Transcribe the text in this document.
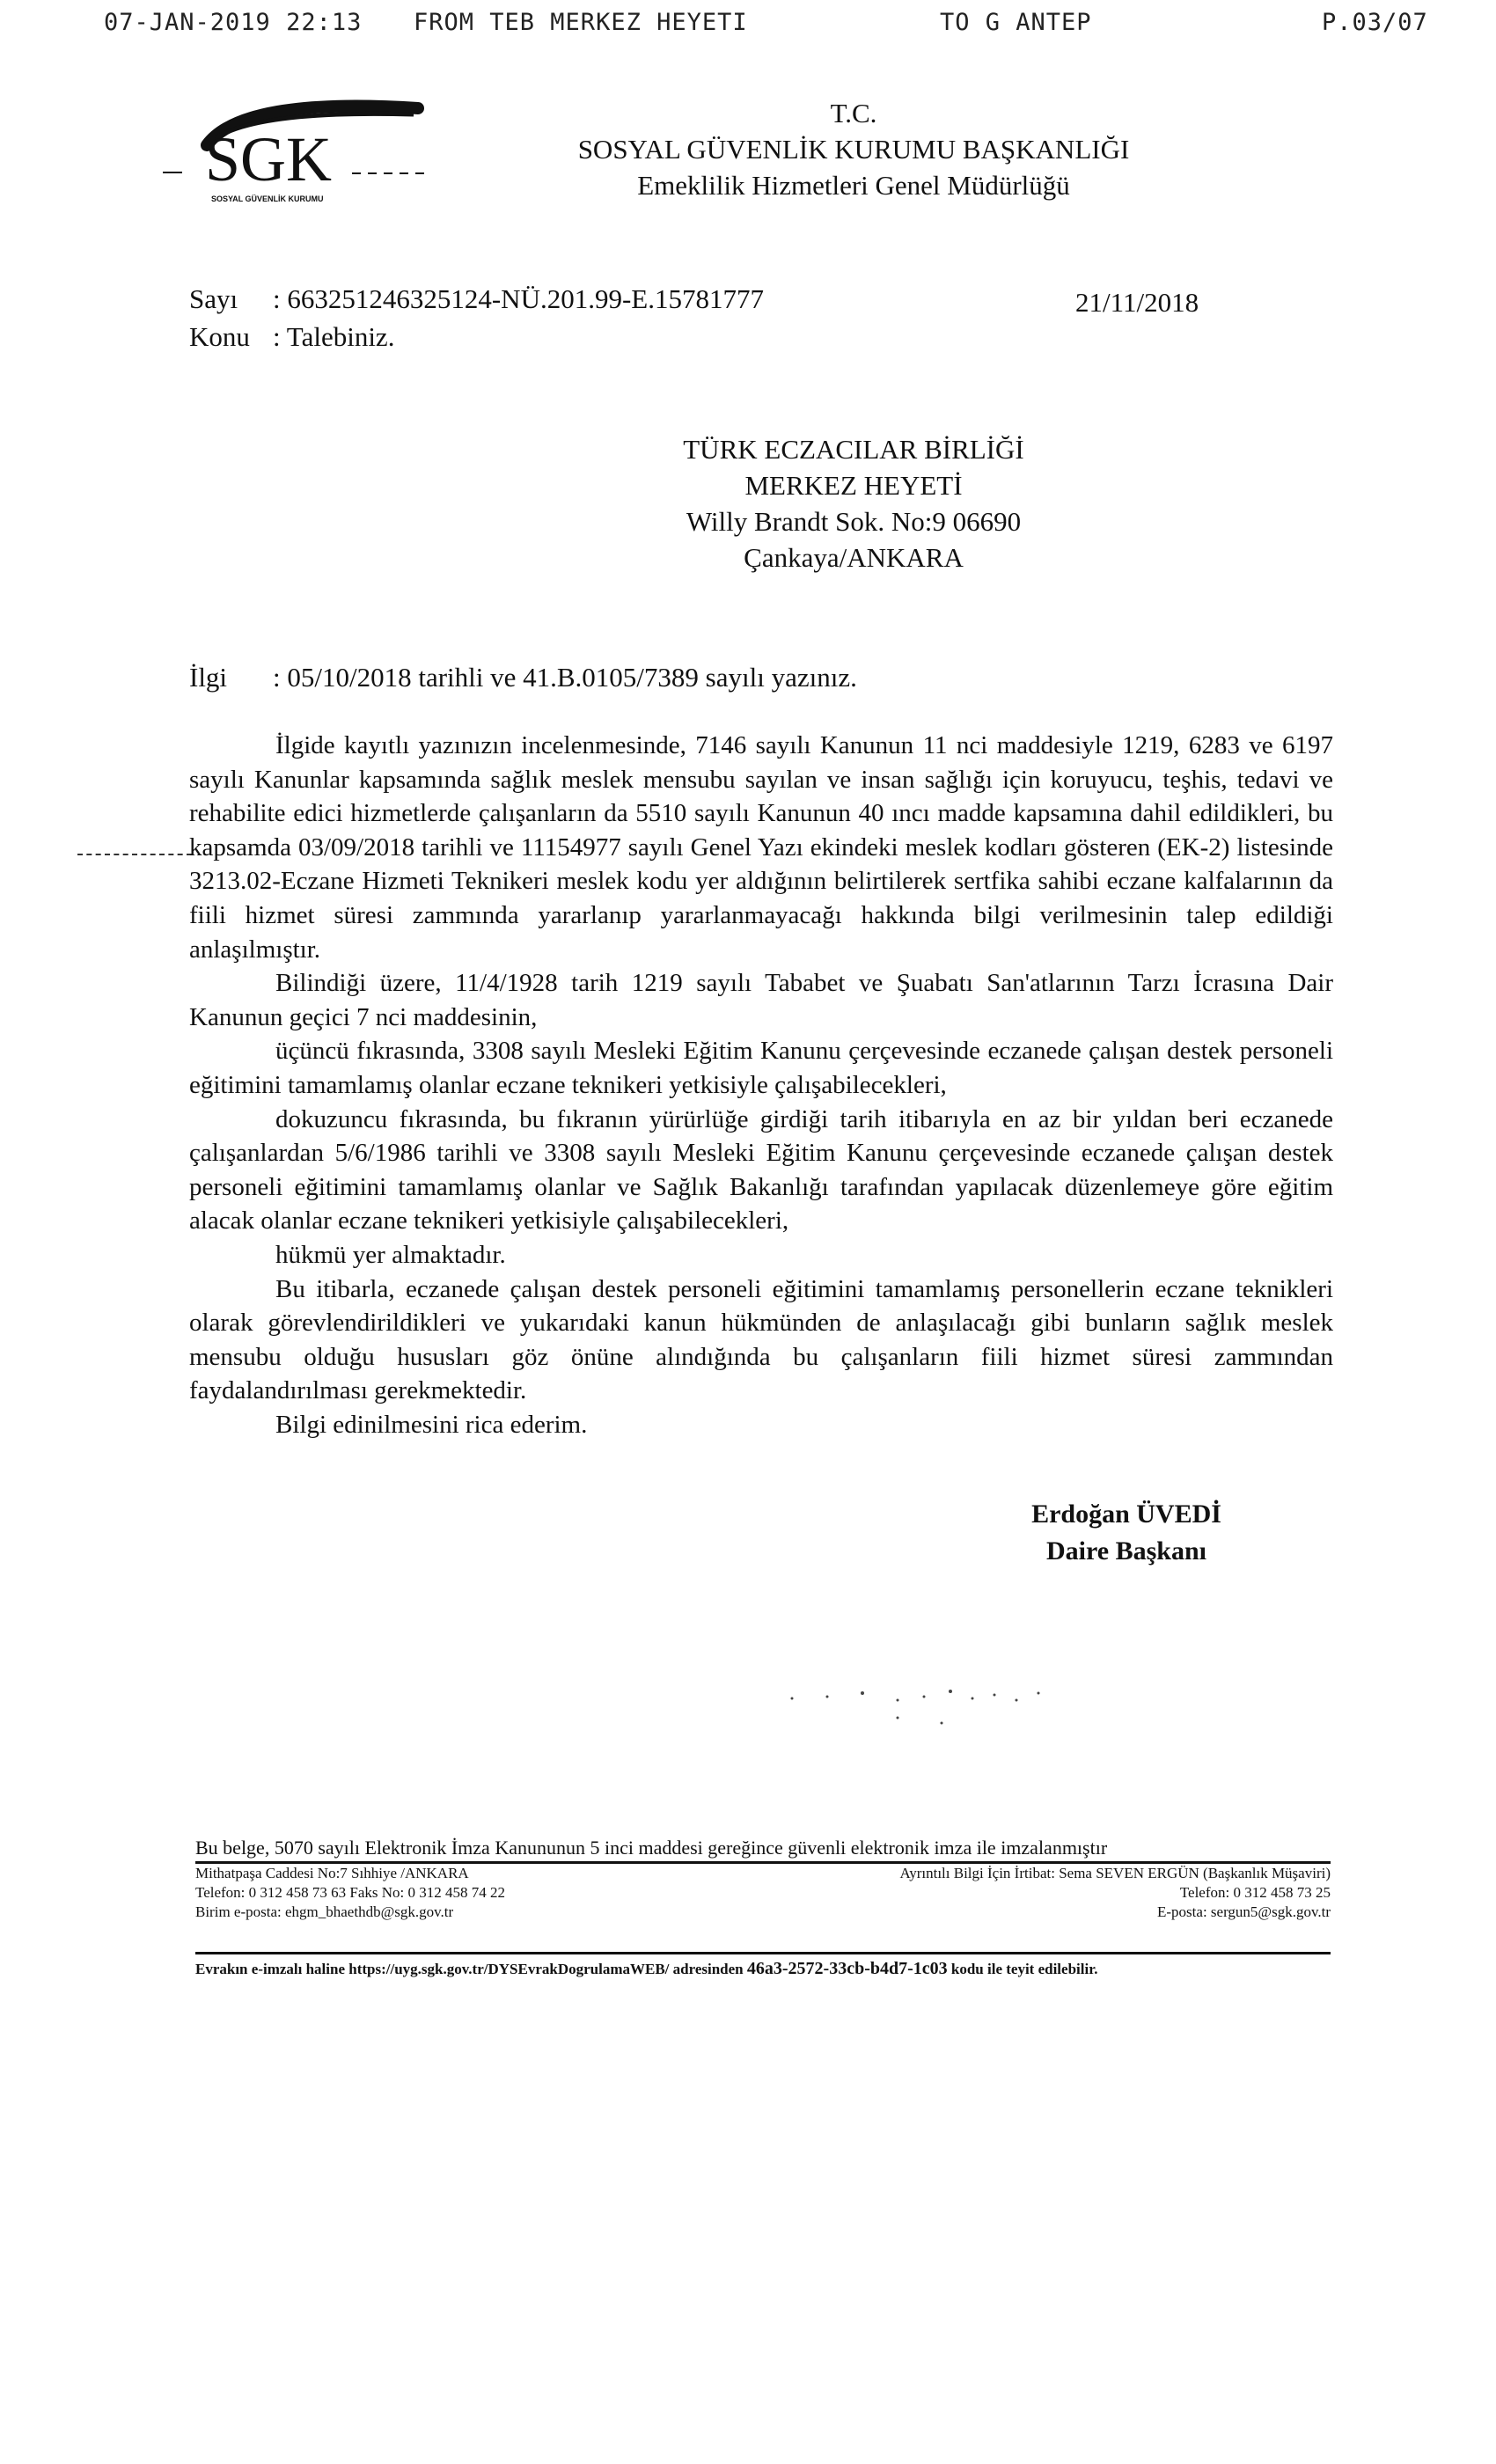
07-JAN-2019 22:13 FROM TEB MERKEZ HEYETI	TO G ANTEP	P.03/07
SGK
SOSYAL GÜVENLİK KURUMU
T.C.
SOSYAL GÜVENLİK KURUMU BAŞKANLIĞI
Emeklilik Hizmetleri Genel Müdürlüğü
Sayı : 663251246325124-NÜ.201.99-E.15781777
Konu : Talebiniz.
21/11/2018
TÜRK ECZACILAR BİRLİĞİ
MERKEZ HEYETİ
Willy Brandt Sok. No:9 06690
Çankaya/ANKARA
İlgi : 05/10/2018 tarihli ve 41.B.0105/7389 sayılı yazınız.

İlgide kayıtlı yazınızın incelenmesinde, 7146 sayılı Kanunun 11 nci maddesiyle 1219, 6283 ve 6197 sayılı Kanunlar kapsamında sağlık meslek mensubu sayılan ve insan sağlığı için koruyucu, teşhis, tedavi ve rehabilite edici hizmetlerde çalışanların da 5510 sayılı Kanunun 40 ıncı madde kapsamına dahil edildikleri, bu kapsamda 03/09/2018 tarihli ve 11154977 sayılı Genel Yazı ekindeki meslek kodları gösteren (EK-2) listesinde 3213.02-Eczane Hizmeti Teknikeri meslek kodu yer aldığının belirtilerek sertfika sahibi eczane kalfalarının da fiili hizmet süresi zammında yararlanıp yararlanmayacağı hakkında bilgi verilmesinin talep edildiği anlaşılmıştır.

Bilindiği üzere, 11/4/1928 tarih 1219 sayılı Tababet ve Şuabatı San'atlarının Tarzı İcrasına Dair Kanunun geçici 7 nci maddesinin,

üçüncü fıkrasında, 3308 sayılı Mesleki Eğitim Kanunu çerçevesinde eczanede çalışan destek personeli eğitimini tamamlamış olanlar eczane teknikeri yetkisiyle çalışabilecekleri,

dokuzuncu fıkrasında, bu fıkranın yürürlüğe girdiği tarih itibarıyla en az bir yıldan beri eczanede çalışanlardan 5/6/1986 tarihli ve 3308 sayılı Mesleki Eğitim Kanunu çerçevesinde eczanede çalışan destek personeli eğitimini tamamlamış olanlar ve Sağlık Bakanlığı tarafından yapılacak düzenlemeye göre eğitim alacak olanlar eczane teknikeri yetkisiyle çalışabilecekleri,

hükmü yer almaktadır.

Bu itibarla, eczanede çalışan destek personeli eğitimini tamamlamış personellerin eczane teknikleri olarak görevlendirildikleri ve yukarıdaki kanun hükmünden de anlaşılacağı gibi bunların sağlık meslek mensubu olduğu hususları göz önüne alındığında bu çalışanların fiili hizmet süresi zammından faydalandırılması gerekmektedir.

Bilgi edinilmesini rica ederim.

Erdoğan ÜVEDİ
Daire Başkanı
Bu belge, 5070 sayılı Elektronik İmza Kanununun 5 inci maddesi gereğince güvenli elektronik imza ile imzalanmıştır
Mithatpaşa Caddesi No:7 Sıhhiye /ANKARA	Ayrıntılı Bilgi İçin İrtibat: Sema SEVEN ERGÜN (Başkanlık Müşaviri)
Telefon: 0 312 458 73 63 Faks No: 0 312 458 74 22	Telefon: 0 312 458 73 25
Birim e-posta: ehgm_bhaethdb@sgk.gov.tr	E-posta: sergun5@sgk.gov.tr
Evrakın e-imzalı haline https://uyg.sgk.gov.tr/DYSEvrakDogrulamaWEB/ adresinden 46a3-2572-33cb-b4d7-1c03 kodu ile teyit edilebilir.
